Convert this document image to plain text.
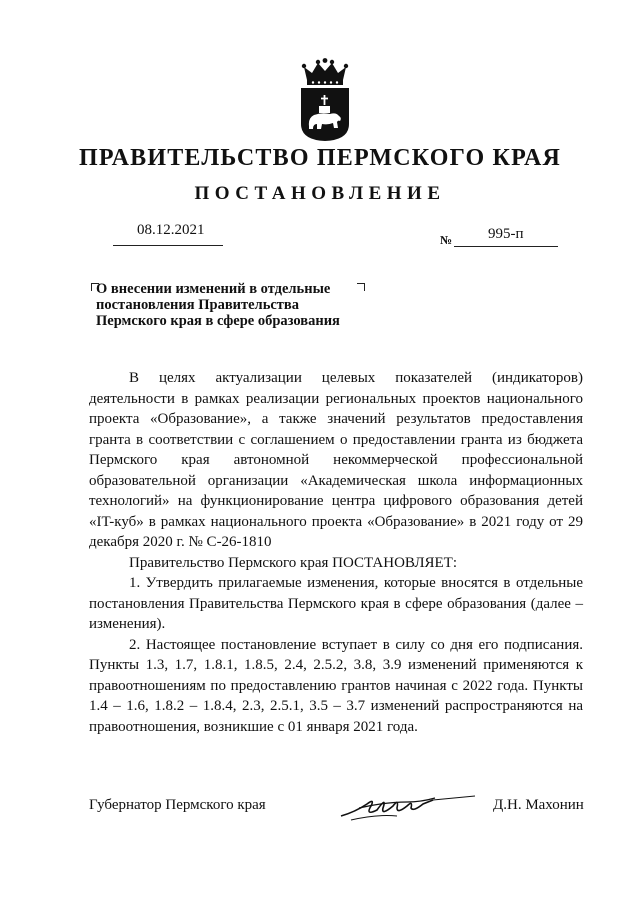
ПРАВИТЕЛЬСТВО ПЕРМСКОГО КРАЯ
ПОСТАНОВЛЕНИЕ
08.12.2021
№ 995-п
О внесении изменений в отдельные
постановления Правительства
Пермского края в сфере образования

В целях актуализации целевых показателей (индикаторов) деятельности в рамках реализации региональных проектов национального проекта «Образование», а также значений результатов предоставления гранта в соответствии с соглашением о предоставлении гранта из бюджета Пермского края автономной некоммерческой профессиональной образовательной организации «Академическая школа информационных технологий» на функционирование центра цифрового образования детей «IT-куб» в рамках национального проекта «Образование» в 2021 году от 29 декабря 2020 г. № С-26-1810

Правительство Пермского края ПОСТАНОВЛЯЕТ:

1. Утвердить прилагаемые изменения, которые вносятся в отдельные постановления Правительства Пермского края в сфере образования (далее – изменения).

2. Настоящее постановление вступает в силу со дня его подписания. Пункты 1.3, 1.7, 1.8.1, 1.8.5, 2.4, 2.5.2, 3.8, 3.9 изменений применяются к правоотношениям по предоставлению грантов начиная с 2022 года. Пункты 1.4 – 1.6, 1.8.2 – 1.8.4, 2.3, 2.5.1, 3.5 – 3.7 изменений распространяются на правоотношения, возникшие с 01 января 2021 года.

Губернатор Пермского края	Д.Н. Махонин
